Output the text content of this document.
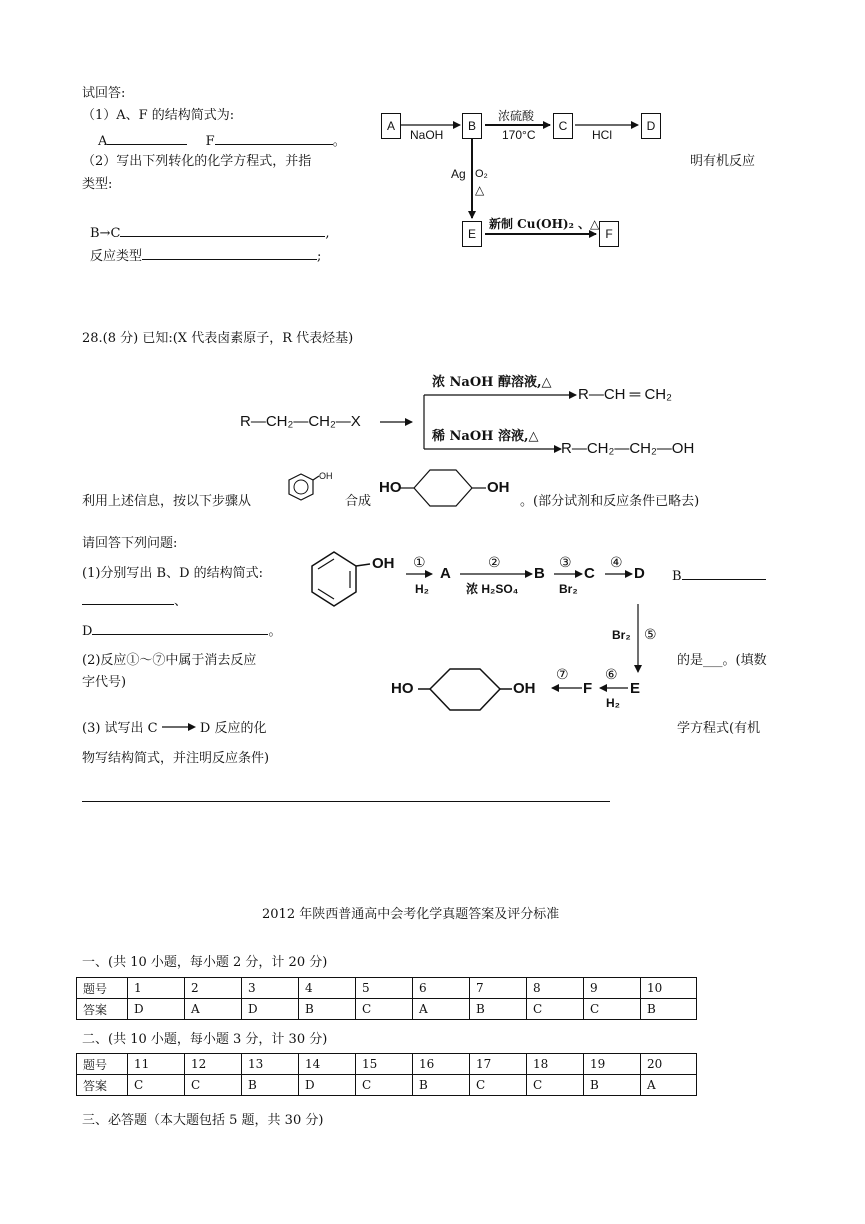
试回答:
（1）A、F 的结构简式为:
A	F	。
（2）写出下列转化的化学方程式，并指	明有机反应
类型:
B→C	,
反应类型	;
A	B	C	D
E	F
NaOH
浓硫酸
170°C	HCl
Ag O₂
△
新制 Cu(OH)₂ 、△
28.(8 分) 已知:(X 代表卤素原子，R 代表烃基)
R—CH₂—CH₂—X
浓 NaOH 醇溶液,△
R—CH ═ CH₂
稀 NaOH 溶液,△
R—CH₂—CH₂—OH
利用上述信息，按以下步骤从
OH
合成
HO	OH
。(部分试剂和反应条件已略去)
请回答下列问题:
(1)分别写出 B、D 的结构简式:	B
、
D	。
(2)反应①～⑦中属于消去反应	的是___。(填数
字代号)
(3) 试写出 C	D 反应的化	学方程式(有机
物写结构简式，并注明反应条件)
OH ①
H₂
A
②
浓 H₂SO₄
B
③
Br₂
C
④
D
Br₂ ⑤
E
⑥
H₂
F
⑦
HO	OH
2012 年陕西普通高中会考化学真题答案及评分标准
一、(共 10 小题，每小题 2 分，计 20 分)
题号	1	2	3	4	5	6	7	8	9	10
答案	D	A	D	B	C	A	B	C	C	B
二、(共 10 小题，每小题 3 分，计 30 分)
题号	11	12	13	14	15	16	17	18	19	20
答案	C	C	B	D	C	B	C	C	B	A
三、必答题（本大题包括 5 题，共 30 分)
